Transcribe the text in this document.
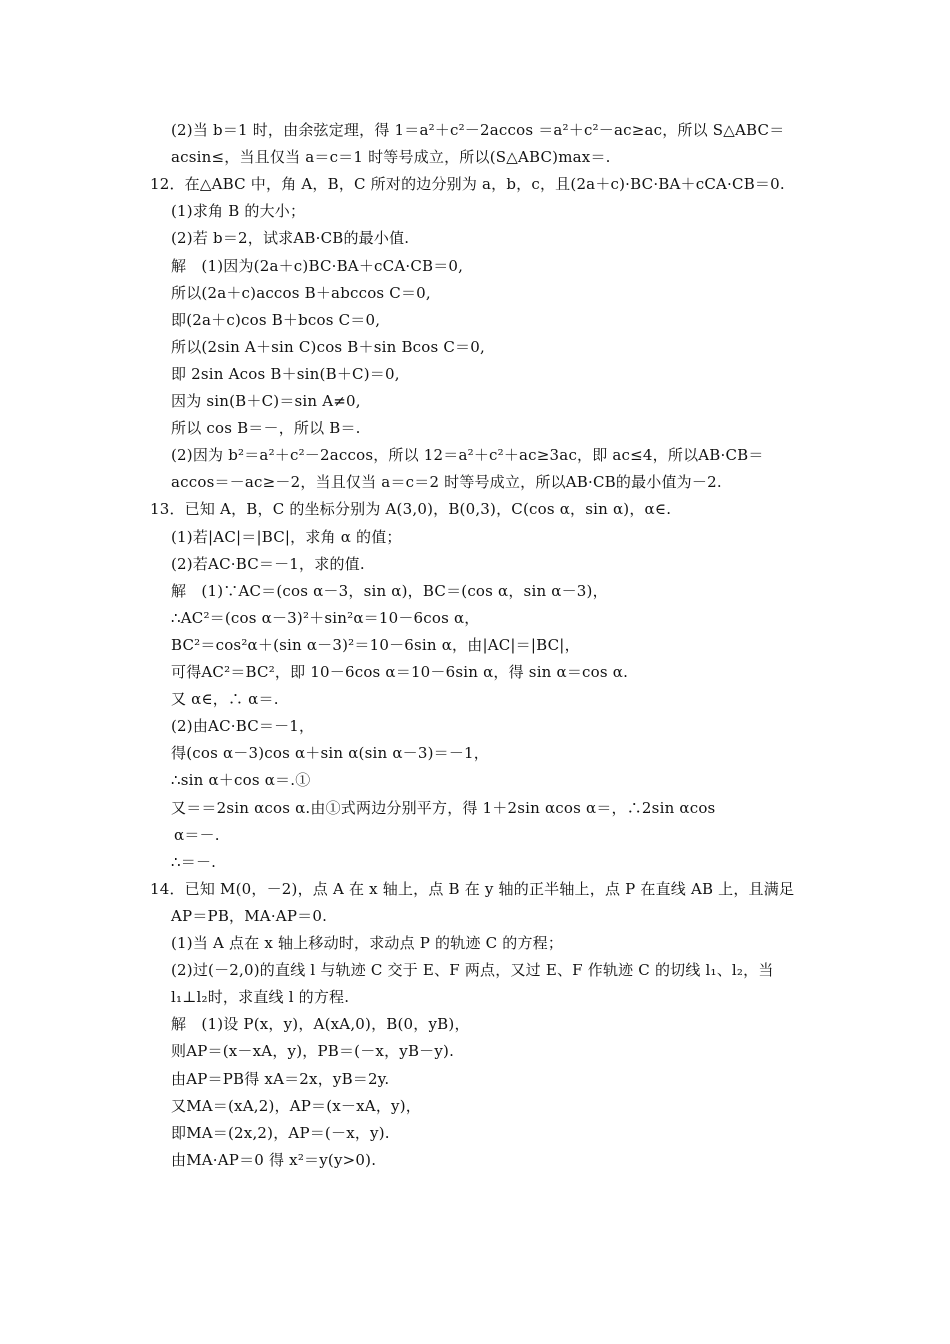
(2)当 b＝1 时，由余弦定理，得 1＝a²＋c²－2accos ＝a²＋c²－ac≥ac，所以 S△ABC＝
acsin≤，当且仅当 a＝c＝1 时等号成立，所以(S△ABC)max＝.
12．在△ABC 中，角 A，B，C 所对的边分别为 a，b，c，且(2a＋c)·BC·BA＋cCA·CB＝0.
(1)求角 B 的大小；
(2)若 b＝2，试求AB·CB的最小值.
解　(1)因为(2a＋c)BC·BA＋cCA·CB＝0,
所以(2a＋c)accos B＋abccos C＝0,
即(2a＋c)cos B＋bcos C＝0,
所以(2sin A＋sin C)cos B＋sin Bcos C＝0,
即 2sin Acos B＋sin(B＋C)＝0,
因为 sin(B＋C)＝sin A≠0,
所以 cos B＝－，所以 B＝.
(2)因为 b²＝a²＋c²－2accos，所以 12＝a²＋c²＋ac≥3ac，即 ac≤4，所以AB·CB＝
accos＝－ac≥－2，当且仅当 a＝c＝2 时等号成立，所以AB·CB的最小值为－2.
13．已知 A，B，C 的坐标分别为 A(3,0)，B(0,3)，C(cos α，sin α)，α∈.
(1)若|AC|＝|BC|，求角 α 的值；
(2)若AC·BC＝－1，求的值.
解　(1)∵AC＝(cos α－3，sin α)，BC＝(cos α，sin α－3)，
∴AC²＝(cos α－3)²＋sin²α＝10－6cos α，
BC²＝cos²α＋(sin α－3)²＝10－6sin α，由|AC|＝|BC|，
可得AC²＝BC²，即 10－6cos α＝10－6sin α，得 sin α＝cos α.
又 α∈，∴ α＝.
(2)由AC·BC＝－1，
得(cos α－3)cos α＋sin α(sin α－3)＝－1，
∴sin α＋cos α＝.①
又＝＝2sin αcos α.由①式两边分别平方，得 1＋2sin αcos α＝，∴2sin αcos
α＝－.
∴＝－.
14．已知 M(0，－2)，点 A 在 x 轴上，点 B 在 y 轴的正半轴上，点 P 在直线 AB 上，且满足
AP＝PB，MA·AP＝0.
(1)当 A 点在 x 轴上移动时，求动点 P 的轨迹 C 的方程；
(2)过(－2,0)的直线 l 与轨迹 C 交于 E、F 两点，又过 E、F 作轨迹 C 的切线 l₁、l₂，当
l₁⊥l₂时，求直线 l 的方程.
解　(1)设 P(x，y)，A(xA,0)，B(0，yB)，
则AP＝(x－xA，y)，PB＝(－x，yB－y).
由AP＝PB得 xA＝2x，yB＝2y.
又MA＝(xA,2)，AP＝(x－xA，y)，
即MA＝(2x,2)，AP＝(－x，y).
由MA·AP＝0 得 x²＝y(y>0).
